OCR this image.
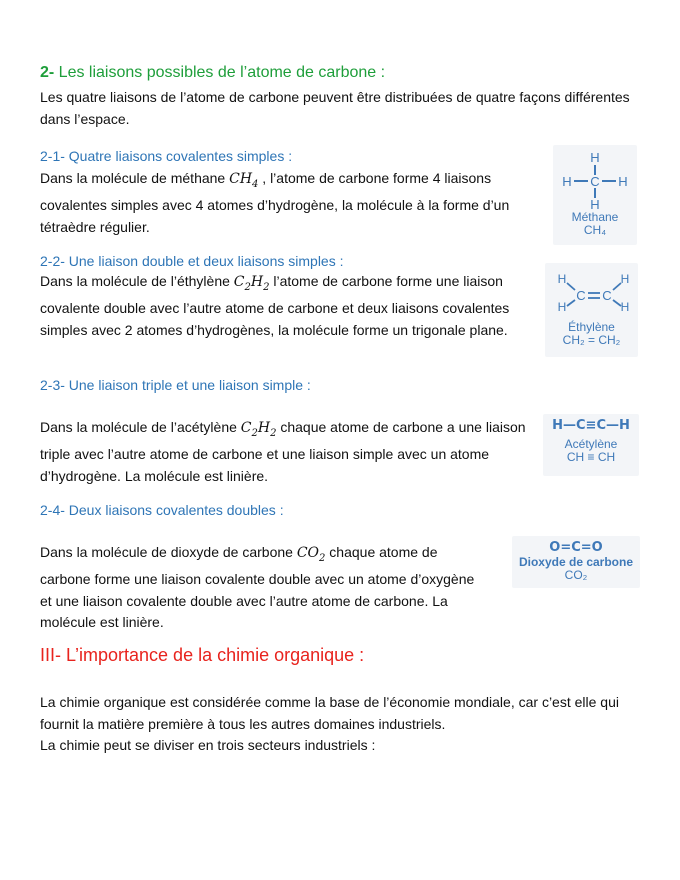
2- Les liaisons possibles de l’atome de carbone :

Les quatre liaisons de l’atome de carbone peuvent être distribuées de quatre façons différentes dans l’espace.

2-1- Quatre liaisons covalentes simples :

Dans la molécule de méthane $CH_4$ , l’atome de carbone forme 4 liaisons covalentes simples avec 4 atomes d’hydrogène, la molécule à la forme d’un tétraèdre régulier.

H
C
H	H
H
Méthane
CH₄
2-2- Une liaison double et deux liaisons simples :

Dans la molécule de l’éthylène $C_2H_2$ l’atome de carbone forme une liaison covalente double avec l’autre atome de carbone et deux liaisons covalentes simples avec 2 atomes d’hydrogènes, la molécule forme un trigonale plane.

H
H
C C
H
H
Éthylène
CH₂ = CH₂
2-3- Une liaison triple et une liaison simple :

Dans la molécule de l’acétylène $C_2H_2$ chaque atome de carbone a une liaison triple avec l’autre atome de carbone et une liaison simple avec un atome d’hydrogène. La molécule est linière.

H—C≡C—H
Acétylène
CH ≡ CH
2-4- Deux liaisons covalentes doubles :

Dans la molécule de dioxyde de carbone $CO_2$ chaque atome de carbone forme une liaison covalente double avec un atome d’oxygène et une liaison covalente double avec l’autre atome de carbone. La molécule est linière.

O=C=O
Dioxyde de carbone
CO₂
III- L’importance de la chimie organique :

La chimie organique est considérée comme la base de l’économie mondiale, car c’est elle qui fournit la matière première à tous les autres domaines industriels.

La chimie peut se diviser en trois secteurs industriels :
